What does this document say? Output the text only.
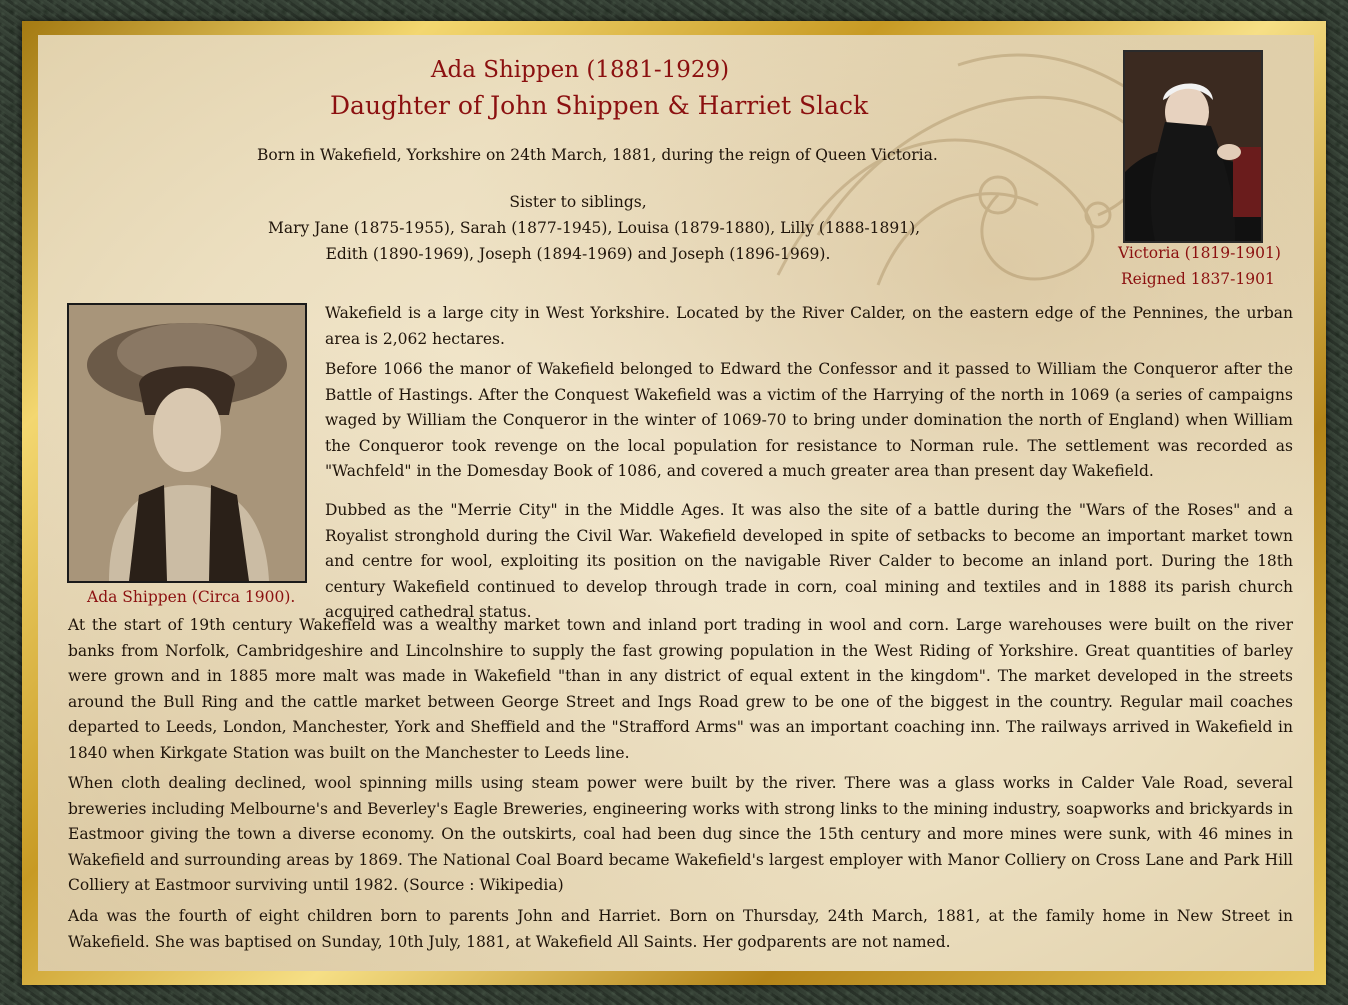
Ada Shippen (1881-1929)

Daughter of John Shippen & Harriet Slack

Born in Wakefield, Yorkshire on 24th March, 1881, during the reign of Queen Victoria.

Sister to siblings,

Mary Jane (1875-1955), Sarah (1877-1945), Louisa (1879-1880), Lilly (1888-1891),

Edith (1890-1969), Joseph (1894-1969) and Joseph (1896-1969).	Victoria (1819-1901)

Reigned 1837-1901

Ada Shippen (Circa 1900).

Wakefield is a large city in West Yorkshire. Located by the River Calder, on the eastern edge of the Pennines, the urban area is 2,062 hectares.

Before 1066 the manor of Wakefield belonged to Edward the Confessor and it passed to William the Conqueror after the Battle of Hastings. After the Conquest Wakefield was a victim of the Harrying of the north in 1069 (a series of campaigns waged by William the Conqueror in the winter of 1069-70 to bring under domination the north of England) when William the Conqueror took revenge on the local population for resistance to Norman rule. The settlement was recorded as "Wachfeld" in the Domesday Book of 1086, and covered a much greater area than present day Wakefield.

Dubbed as the "Merrie City" in the Middle Ages. It was also the site of a battle during the "Wars of the Roses" and a Royalist stronghold during the Civil War. Wakefield developed in spite of setbacks to become an important market town and centre for wool, exploiting its position on the navigable River Calder to become an inland port. During the 18th century Wakefield continued to develop through trade in corn, coal mining and textiles and in 1888 its parish church acquired cathedral status.

At the start of 19th century Wakefield was a wealthy market town and inland port trading in wool and corn. Large warehouses were built on the river banks from Norfolk, Cambridgeshire and Lincolnshire to supply the fast growing population in the West Riding of Yorkshire. Great quantities of barley were grown and in 1885 more malt was made in Wakefield "than in any district of equal extent in the kingdom". The market developed in the streets around the Bull Ring and the cattle market between George Street and Ings Road grew to be one of the biggest in the country. Regular mail coaches departed to Leeds, London, Manchester, York and Sheffield and the "Strafford Arms" was an important coaching inn. The railways arrived in Wakefield in 1840 when Kirkgate Station was built on the Manchester to Leeds line.

When cloth dealing declined, wool spinning mills using steam power were built by the river. There was a glass works in Calder Vale Road, several breweries including Melbourne's and Beverley's Eagle Breweries, engineering works with strong links to the mining industry, soapworks and brickyards in Eastmoor giving the town a diverse economy. On the outskirts, coal had been dug since the 15th century and more mines were sunk, with 46 mines in Wakefield and surrounding areas by 1869. The National Coal Board became Wakefield's largest employer with Manor Colliery on Cross Lane and Park Hill Colliery at Eastmoor surviving until 1982. (Source : Wikipedia)

Ada was the fourth of eight children born to parents John and Harriet. Born on Thursday, 24th March, 1881, at the family home in New Street in Wakefield. She was baptised on Sunday, 10th July, 1881, at Wakefield All Saints. Her godparents are not named.
